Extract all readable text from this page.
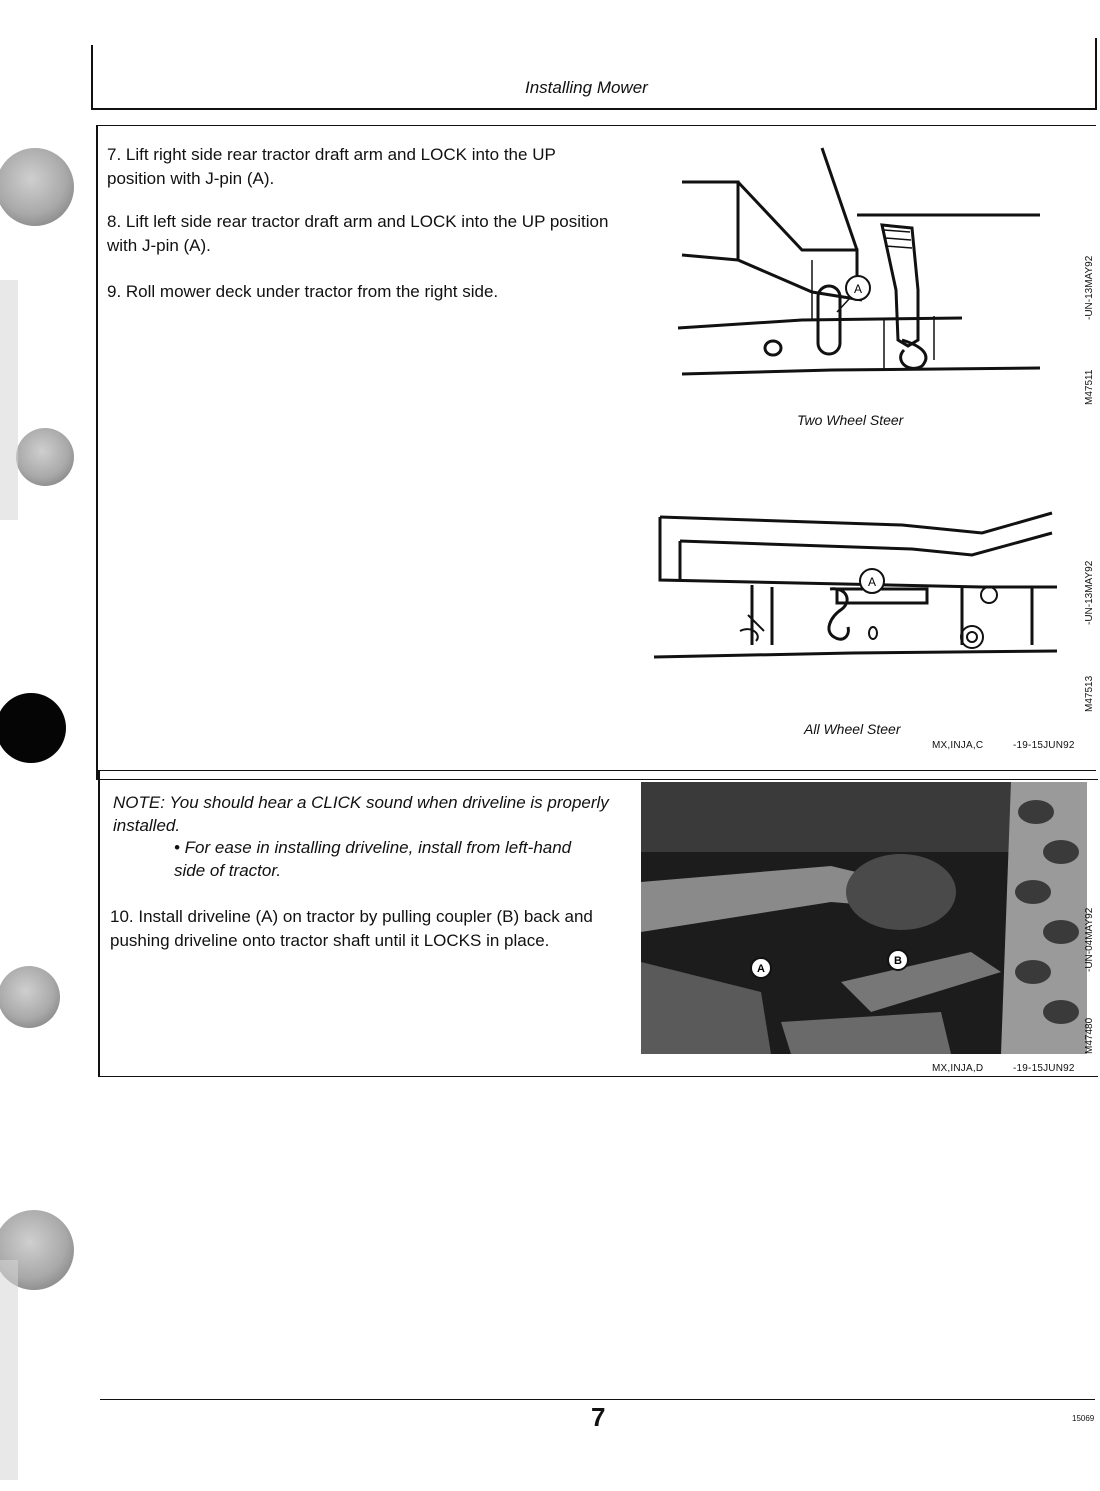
Installing Mower
7. Lift right side rear tractor draft arm and LOCK into the UP position with J-pin (A).
8. Lift left side rear tractor draft arm and LOCK into the UP position with J-pin (A).
9. Roll mower deck under tractor from the right side.	A
Two Wheel Steer
M47511
-UN-13MAY92
A
All Wheel Steer
M47513
-UN-13MAY92
MX,INJA,C	-19-15JUN92
NOTE: You should hear a CLICK sound when driveline is properly installed.
• For ease in installing driveline, install from left-hand side of tractor.
10. Install driveline (A) on tractor by pulling coupler (B) back and pushing driveline onto tractor shaft until it LOCKS in place.
A
B
M47480
-UN-04MAY92
MX,INJA,D	-19-15JUN92
7	15069
